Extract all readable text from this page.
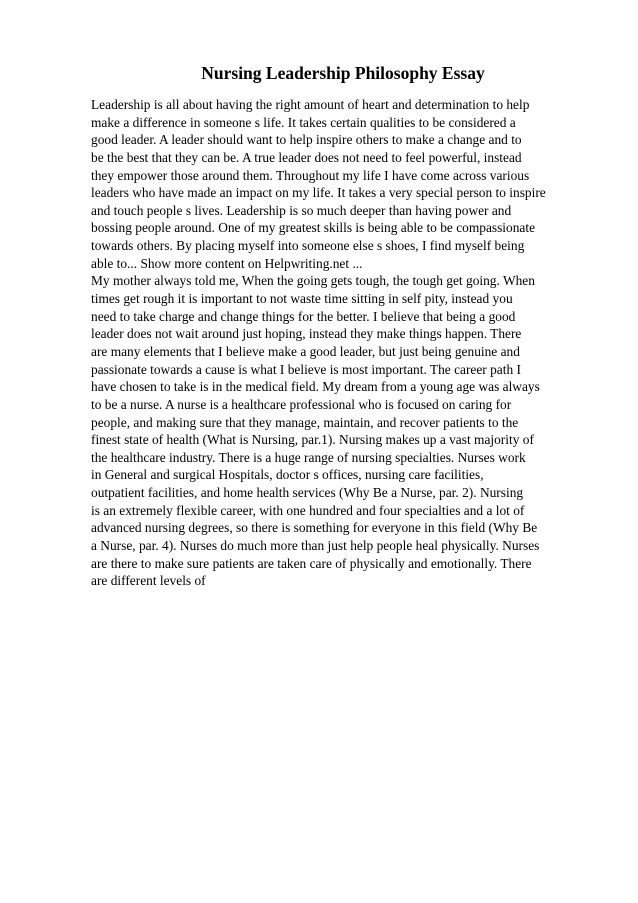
Nursing Leadership Philosophy Essay
Leadership is all about having the right amount of heart and determination to help
make a difference in someone s life. It takes certain qualities to be considered a
good leader. A leader should want to help inspire others to make a change and to
be the best that they can be. A true leader does not need to feel powerful, instead
they empower those around them. Throughout my life I have come across various
leaders who have made an impact on my life. It takes a very special person to inspire
and touch people s lives. Leadership is so much deeper than having power and
bossing people around. One of my greatest skills is being able to be compassionate
towards others. By placing myself into someone else s shoes, I find myself being
able to... Show more content on Helpwriting.net ...
My mother always told me, When the going gets tough, the tough get going. When
times get rough it is important to not waste time sitting in self pity, instead you
need to take charge and change things for the better. I believe that being a good
leader does not wait around just hoping, instead they make things happen. There
are many elements that I believe make a good leader, but just being genuine and
passionate towards a cause is what I believe is most important. The career path I
have chosen to take is in the medical field. My dream from a young age was always
to be a nurse. A nurse is a healthcare professional who is focused on caring for
people, and making sure that they manage, maintain, and recover patients to the
finest state of health (What is Nursing, par.1). Nursing makes up a vast majority of
the healthcare industry. There is a huge range of nursing specialties. Nurses work
in General and surgical Hospitals, doctor s offices, nursing care facilities,
outpatient facilities, and home health services (Why Be a Nurse, par. 2). Nursing
is an extremely flexible career, with one hundred and four specialties and a lot of
advanced nursing degrees, so there is something for everyone in this field (Why Be
a Nurse, par. 4). Nurses do much more than just help people heal physically. Nurses
are there to make sure patients are taken care of physically and emotionally. There
are different levels of
